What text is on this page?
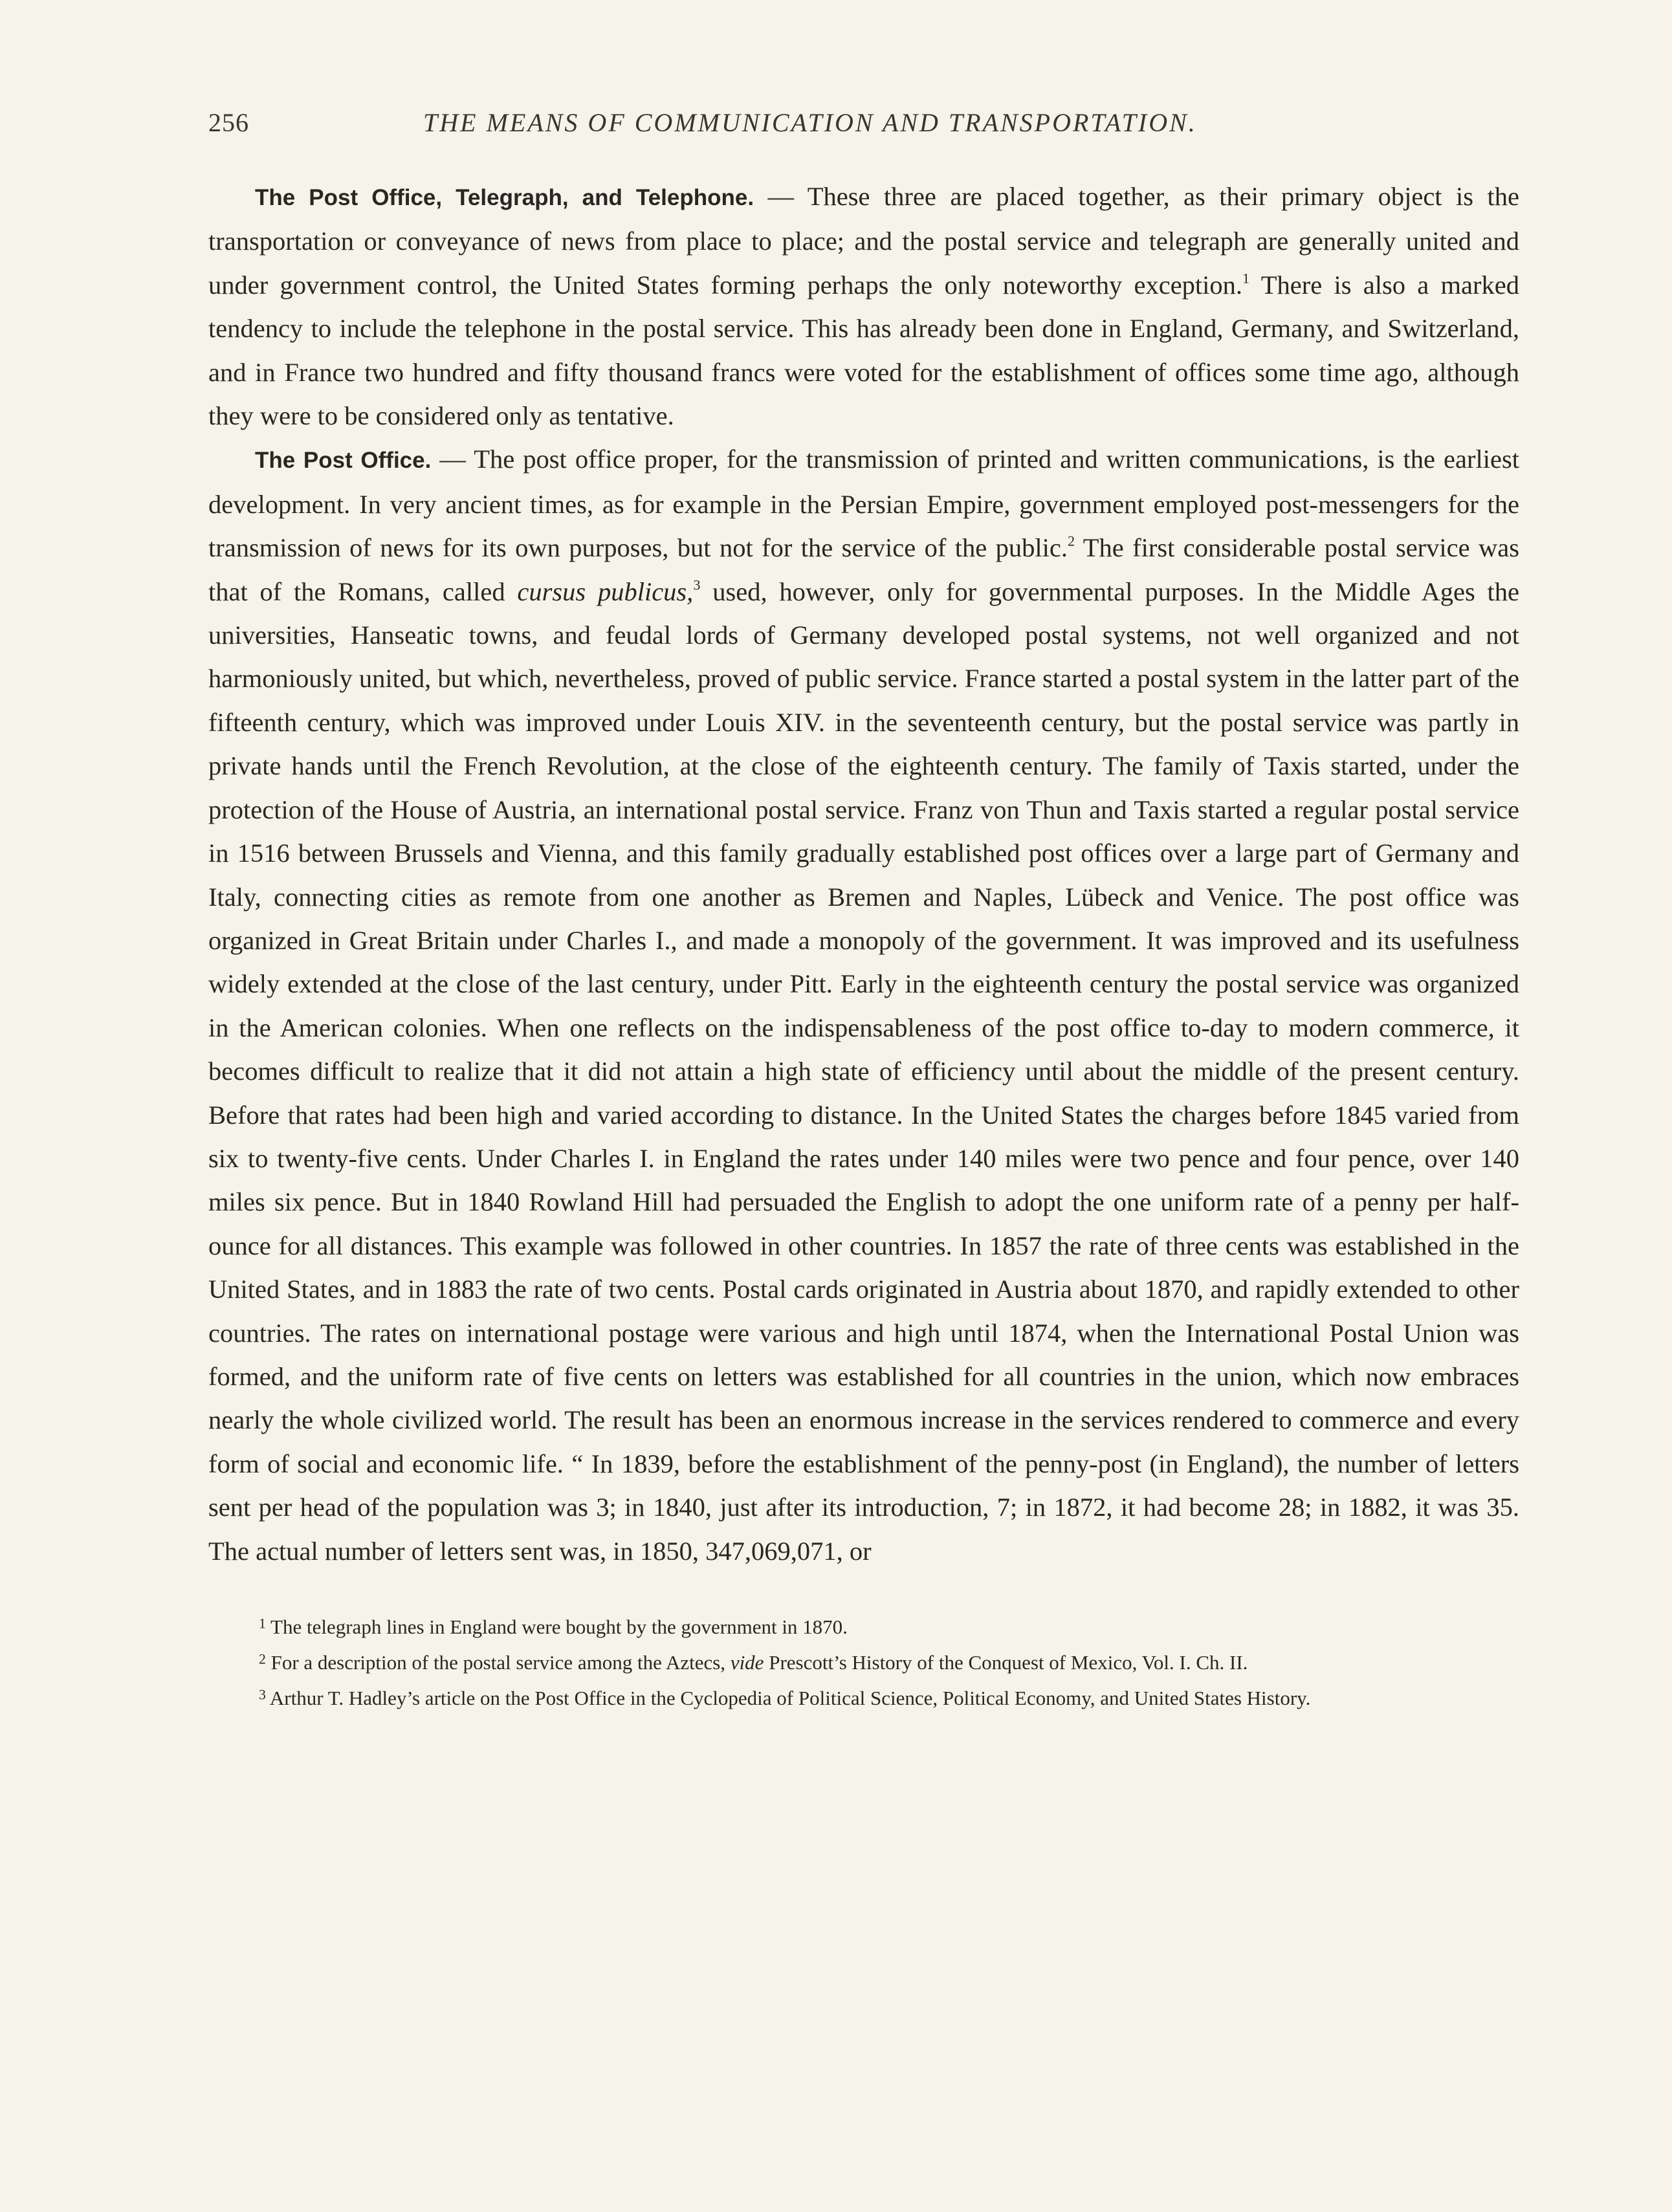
256	THE MEANS OF COMMUNICATION AND TRANSPORTATION.

The Post Office, Telegraph, and Telephone. — These three are placed together, as their primary object is the transportation or conveyance of news from place to place; and the postal service and telegraph are generally united and under government control, the United States forming perhaps the only noteworthy exception.$^1$ There is also a marked tendency to include the telephone in the postal service. This has already been done in England, Germany, and Switzerland, and in France two hundred and fifty thousand francs were voted for the establishment of offices some time ago, although they were to be considered only as tentative.

The Post Office. — The post office proper, for the transmission of printed and written communications, is the earliest development. In very ancient times, as for example in the Persian Empire, government employed post-messengers for the transmission of news for its own purposes, but not for the service of the public.$^2$ The first considerable postal service was that of the Romans, called cursus publicus,$^3$ used, however, only for governmental purposes. In the Middle Ages the universities, Hanseatic towns, and feudal lords of Germany developed postal systems, not well organized and not harmoniously united, but which, nevertheless, proved of public service. France started a postal system in the latter part of the fifteenth century, which was improved under Louis XIV. in the seventeenth century, but the postal service was partly in private hands until the French Revolution, at the close of the eighteenth century. The family of Taxis started, under the protection of the House of Austria, an international postal service. Franz von Thun and Taxis started a regular postal service in 1516 between Brussels and Vienna, and this family gradually established post offices over a large part of Germany and Italy, connecting cities as remote from one another as Bremen and Naples, Lübeck and Venice. The post office was organized in Great Britain under Charles I., and made a monopoly of the government. It was improved and its usefulness widely extended at the close of the last century, under Pitt. Early in the eighteenth century the postal service was organized in the American colonies. When one reflects on the indispensableness of the post office to-day to modern commerce, it becomes difficult to realize that it did not attain a high state of efficiency until about the middle of the present century. Before that rates had been high and varied according to distance. In the United States the charges before 1845 varied from six to twenty-five cents. Under Charles I. in England the rates under 140 miles were two pence and four pence, over 140 miles six pence. But in 1840 Rowland Hill had persuaded the English to adopt the one uniform rate of a penny per half-ounce for all distances. This example was followed in other countries. In 1857 the rate of three cents was established in the United States, and in 1883 the rate of two cents. Postal cards originated in Austria about 1870, and rapidly extended to other countries. The rates on international postage were various and high until 1874, when the International Postal Union was formed, and the uniform rate of five cents on letters was established for all countries in the union, which now embraces nearly the whole civilized world. The result has been an enormous increase in the services rendered to commerce and every form of social and economic life. “ In 1839, before the establishment of the penny-post (in England), the number of letters sent per head of the population was 3; in 1840, just after its introduction, 7; in 1872, it had become 28; in 1882, it was 35. The actual number of letters sent was, in 1850, 347,069,071, or

$^1$ The telegraph lines in England were bought by the government in 1870.

$^2$ For a description of the postal service among the Aztecs, vide Prescott’s History of the Conquest of Mexico, Vol. I. Ch. II.

$^3$ Arthur T. Hadley’s article on the Post Office in the Cyclopedia of Political Science, Political Economy, and United States History.
